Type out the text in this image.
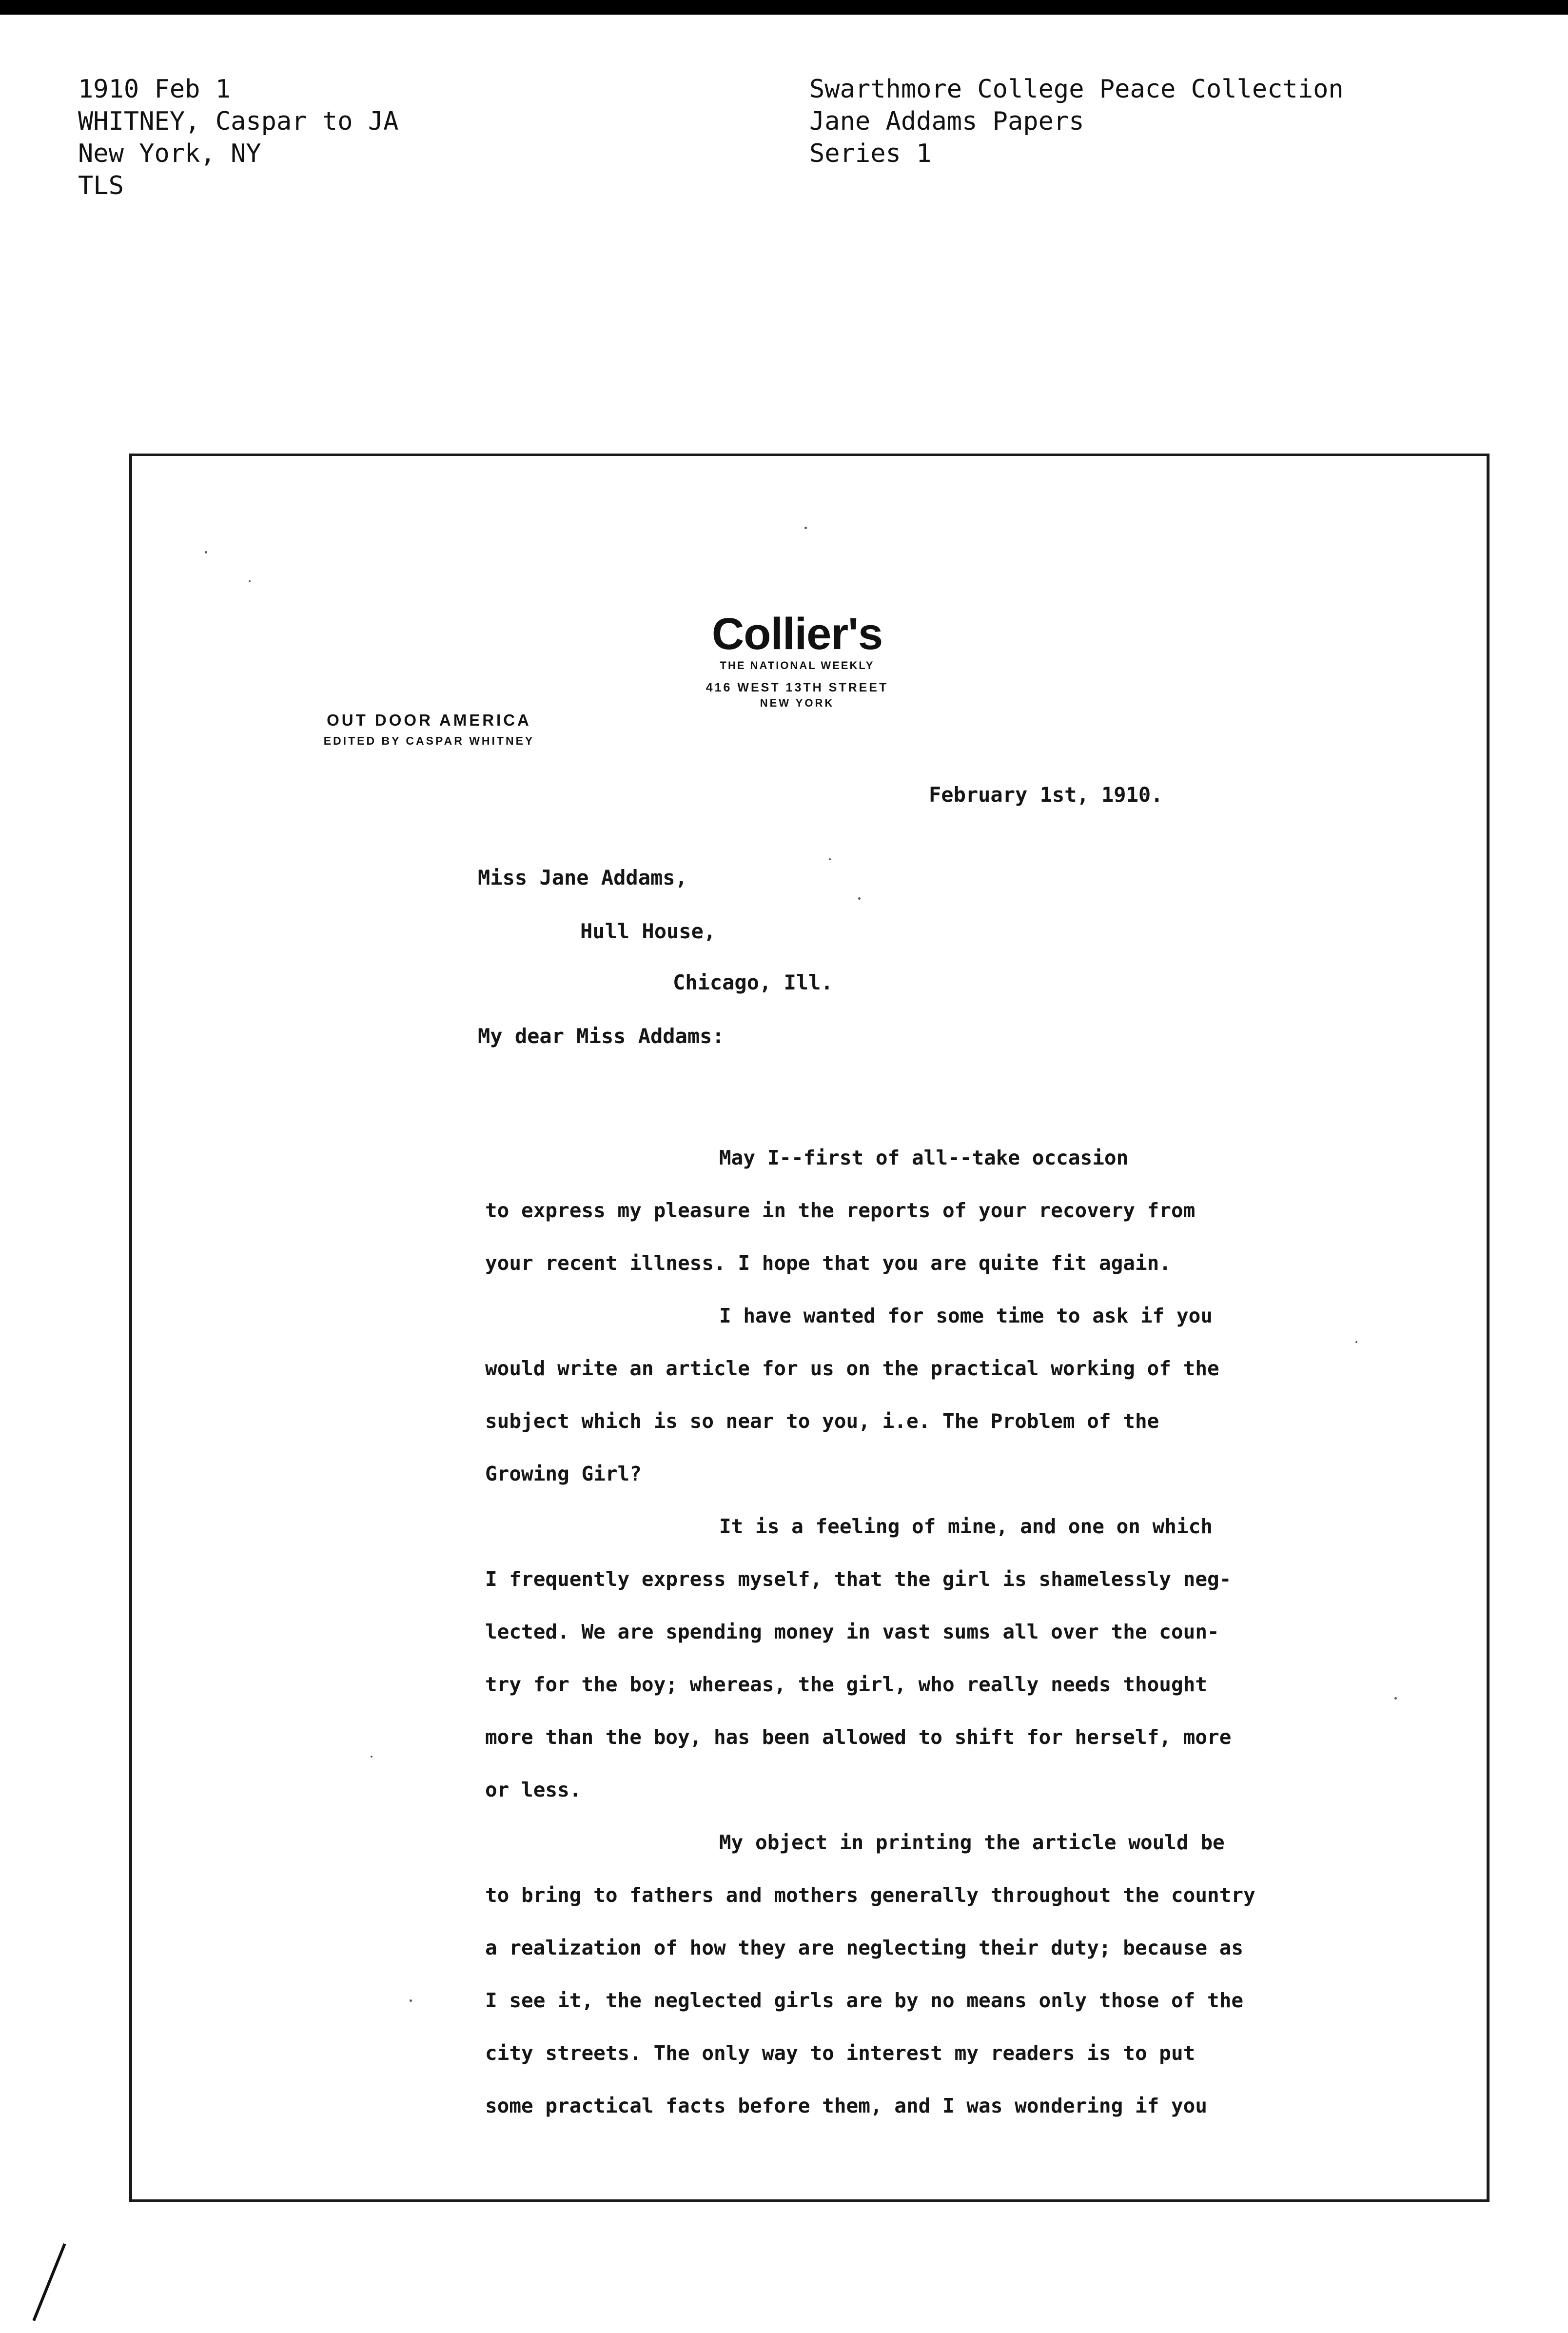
1910 Feb 1
WHITNEY, Caspar to JA
New York, NY
TLS
Swarthmore College Peace Collection
Jane Addams Papers
Series 1
Collier's
THE NATIONAL WEEKLY
416 WEST 13TH STREET
NEW YORK
OUT DOOR AMERICA
EDITED BY CASPAR WHITNEY
February 1st, 1910.
Miss Jane Addams,
Hull House,
Chicago, Ill.
My dear Miss Addams:
May I--first of all--take occasion
to express my pleasure in the reports of your recovery from
your recent illness. I hope that you are quite fit again.
I have wanted for some time to ask if you
would write an article for us on the practical working of the
subject which is so near to you, i.e. The Problem of the
Growing Girl?
It is a feeling of mine, and one on which
I frequently express myself, that the girl is shamelessly neg-
lected. We are spending money in vast sums all over the coun-
try for the boy; whereas, the girl, who really needs thought
more than the boy, has been allowed to shift for herself, more
or less.
My object in printing the article would be
to bring to fathers and mothers generally throughout the country
a realization of how they are neglecting their duty; because as
I see it, the neglected girls are by no means only those of the
city streets. The only way to interest my readers is to put
some practical facts before them, and I was wondering if you
